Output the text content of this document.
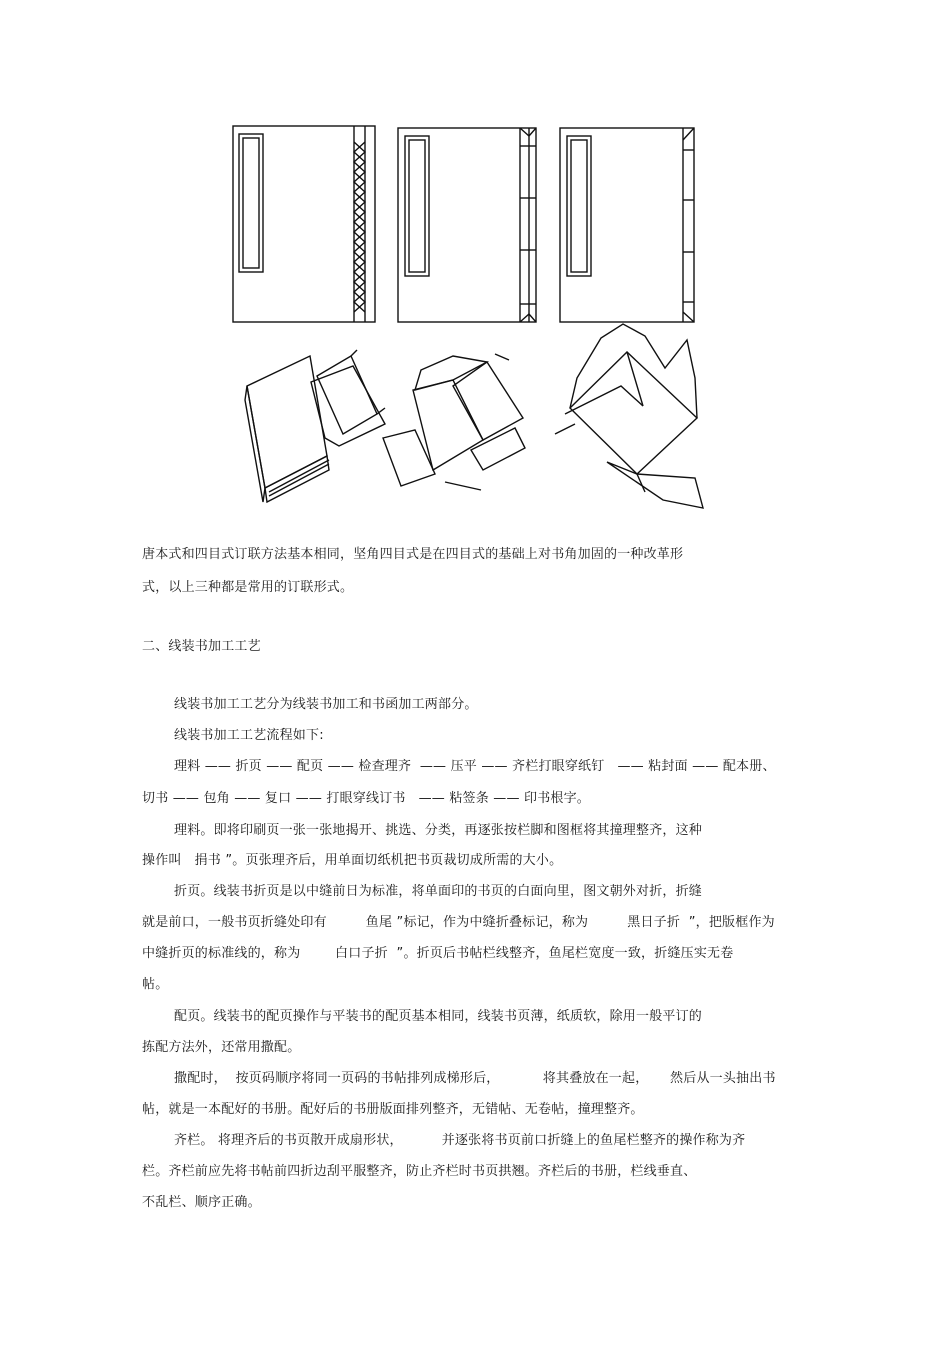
唐本式和四目式订联方法基本相同，坚角四目式是在四目式的基础上对书角加固的一种改革形
式，以上三种都是常用的订联形式。
二、线装书加工工艺
线装书加工工艺分为线装书加工和书函加工两部分。
线装书加工工艺流程如下:
理料 —— 折页 —— 配页 —— 检查理齐  —— 压平 —— 齐栏打眼穿纸钉   —— 粘封面 —— 配本册、
切书 —— 包角 —— 复口 —— 打眼穿线订书   —— 粘签条 —— 印书根字。
理料。即将印刷页一张一张地揭开、挑选、分类，再逐张按栏脚和图框将其撞理整齐，这种
操作叫   捐书 ”。页张理齐后，用单面切纸机把书页裁切成所需的大小。
折页。线装书折页是以中缝前日为标准，将单面印的书页的白面向里，图文朝外对折，折缝
就是前口，一般书页折缝处印有         鱼尾 ”标记，作为中缝折叠标记，称为         黑日子折  ”，把版框作为
中缝折页的标准线的，称为        白口子折  ”。折页后书帖栏线整齐，鱼尾栏宽度一致，折缝压实无卷
帖。
配页。线装书的配页操作与平装书的配页基本相同，线装书页薄，纸质软，除用一般平订的
拣配方法外，还常用撒配。
撒配时，  按页码顺序将同一页码的书帖排列成梯形后，          将其叠放在一起，     然后从一头抽出书
帖，就是一本配好的书册。配好后的书册版面排列整齐，无错帖、无卷帖，撞理整齐。
齐栏。 将理齐后的书页散开成扇形状，         并逐张将书页前口折缝上的鱼尾栏整齐的操作称为齐
栏。齐栏前应先将书帖前四折边刮平服整齐，防止齐栏时书页拱翘。齐栏后的书册，栏线垂直、
不乱栏、顺序正确。
